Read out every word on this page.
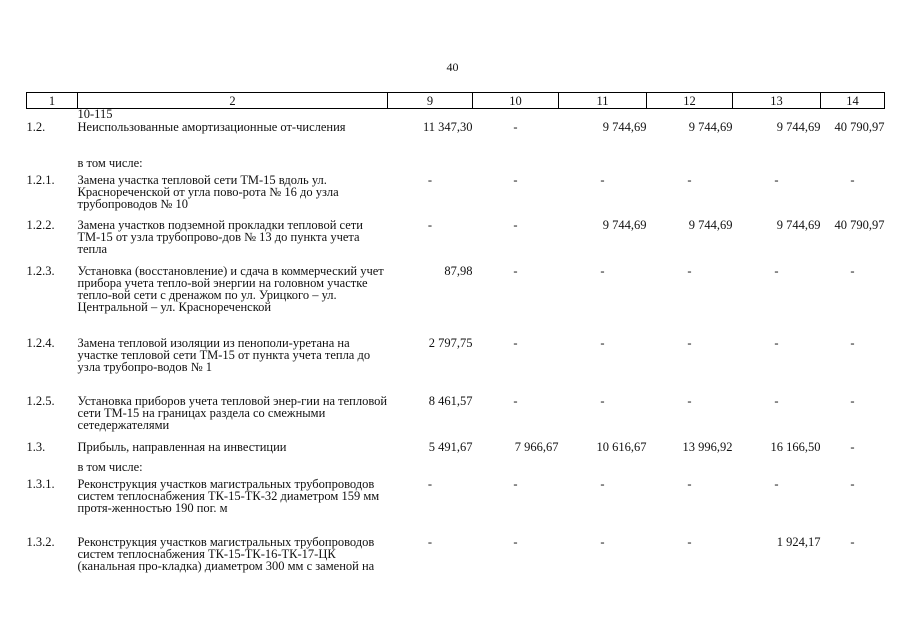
40
1	2	9	10	11	12	13	14

	10-115						

1.2.	Неиспользованные амортизационные от-числения	11 347,30	-	9 744,69	9 744,69	9 744,69	40 790,97
	в том числе:						
1.2.1.	Замена участка тепловой сети ТМ-15 вдоль ул. Краснореченской от угла пово-рота № 16 до узла трубопроводов № 10	-	-	-	-	-	-
1.2.2.	Замена участков подземной прокладки тепловой сети ТМ-15 от узла трубопрово-дов № 13 до пункта учета тепла	-	-	9 744,69	9 744,69	9 744,69	40 790,97
1.2.3.	Установка (восстановление) и сдача в коммерческий учет прибора учета тепло-вой энергии на головном участке тепло-вой сети с дренажом по ул. Урицкого – ул. Центральной – ул. Краснореченской	87,98	-	-	-	-	-
1.2.4.	Замена тепловой изоляции из пенополи-уретана на участке тепловой сети ТМ-15 от пункта учета тепла до узла трубопро-водов № 1	2 797,75	-	-	-	-	-
1.2.5.	Установка приборов учета тепловой энер-гии на тепловой сети ТМ-15 на границах раздела со смежными сетедержателями	8 461,57	-	-	-	-	-
1.3.	Прибыль, направленная на инвестиции	5 491,67	7 966,67	10 616,67	13 996,92	16 166,50	-
	в том числе:						
1.3.1.	Реконструкция участков магистральных трубопроводов систем теплоснабжения ТК-15-ТК-32 диаметром 159 мм протя-женностью 190 пог. м	-	-	-	-	-	-
1.3.2.	Реконструкция участков магистральных трубопроводов систем теплоснабжения ТК-15-ТК-16-ТК-17-ЦК (канальная про-кладка) диаметром 300 мм с заменой на	-	-	-	-	1 924,17	-
